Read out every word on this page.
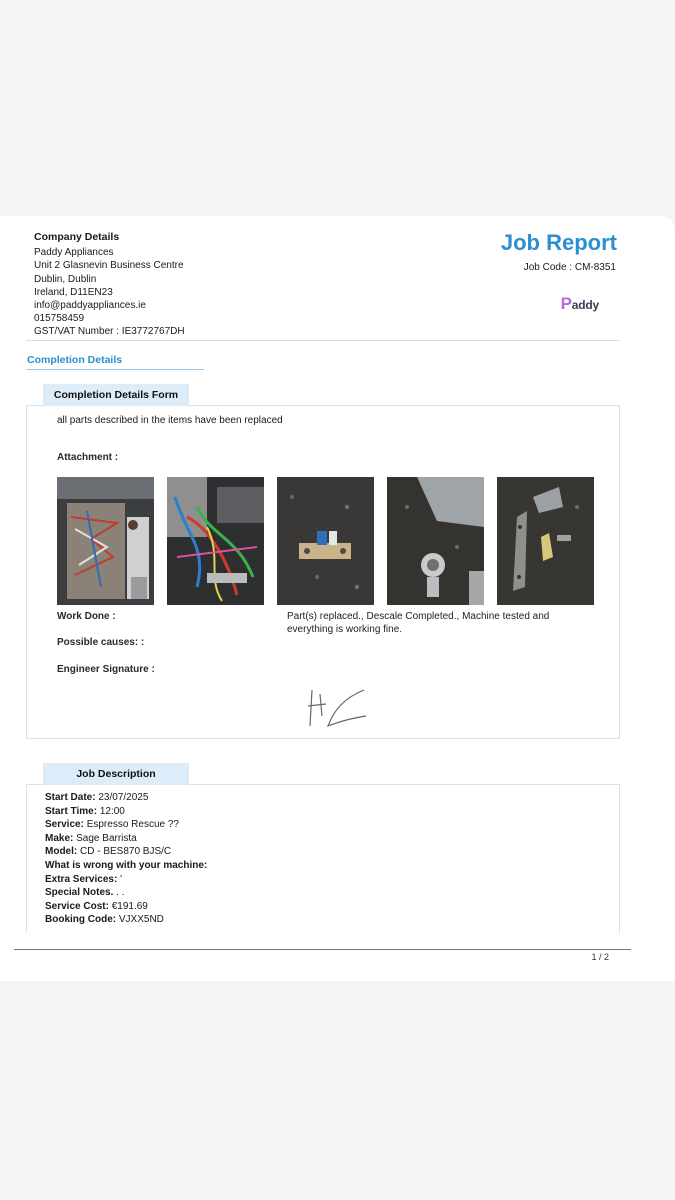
Company Details
Paddy Appliances
Unit 2 Glasnevin Business Centre
Dublin, Dublin
Ireland, D11EN23
info@paddyappliances.ie
015758459
GST/VAT Number : IE3772767DH
Job Report
Job Code : CM-8351
Paddy
Completion Details
Completion Details Form
all parts described in the items have been replaced
Attachment :
Work Done :	Part(s) replaced., Descale Completed., Machine tested and everything is working fine.
Possible causes: :
Engineer Signature :
Job Description
Start Date: 23/07/2025
Start Time: 12:00
Service: Espresso Rescue ??
Make: Sage Barrista
Model: CD - BES870 BJS/C
What is wrong with your machine:
Extra Services: '
Special Notes. . .
Service Cost: €191.69
Booking Code: VJXX5ND
1 / 2
